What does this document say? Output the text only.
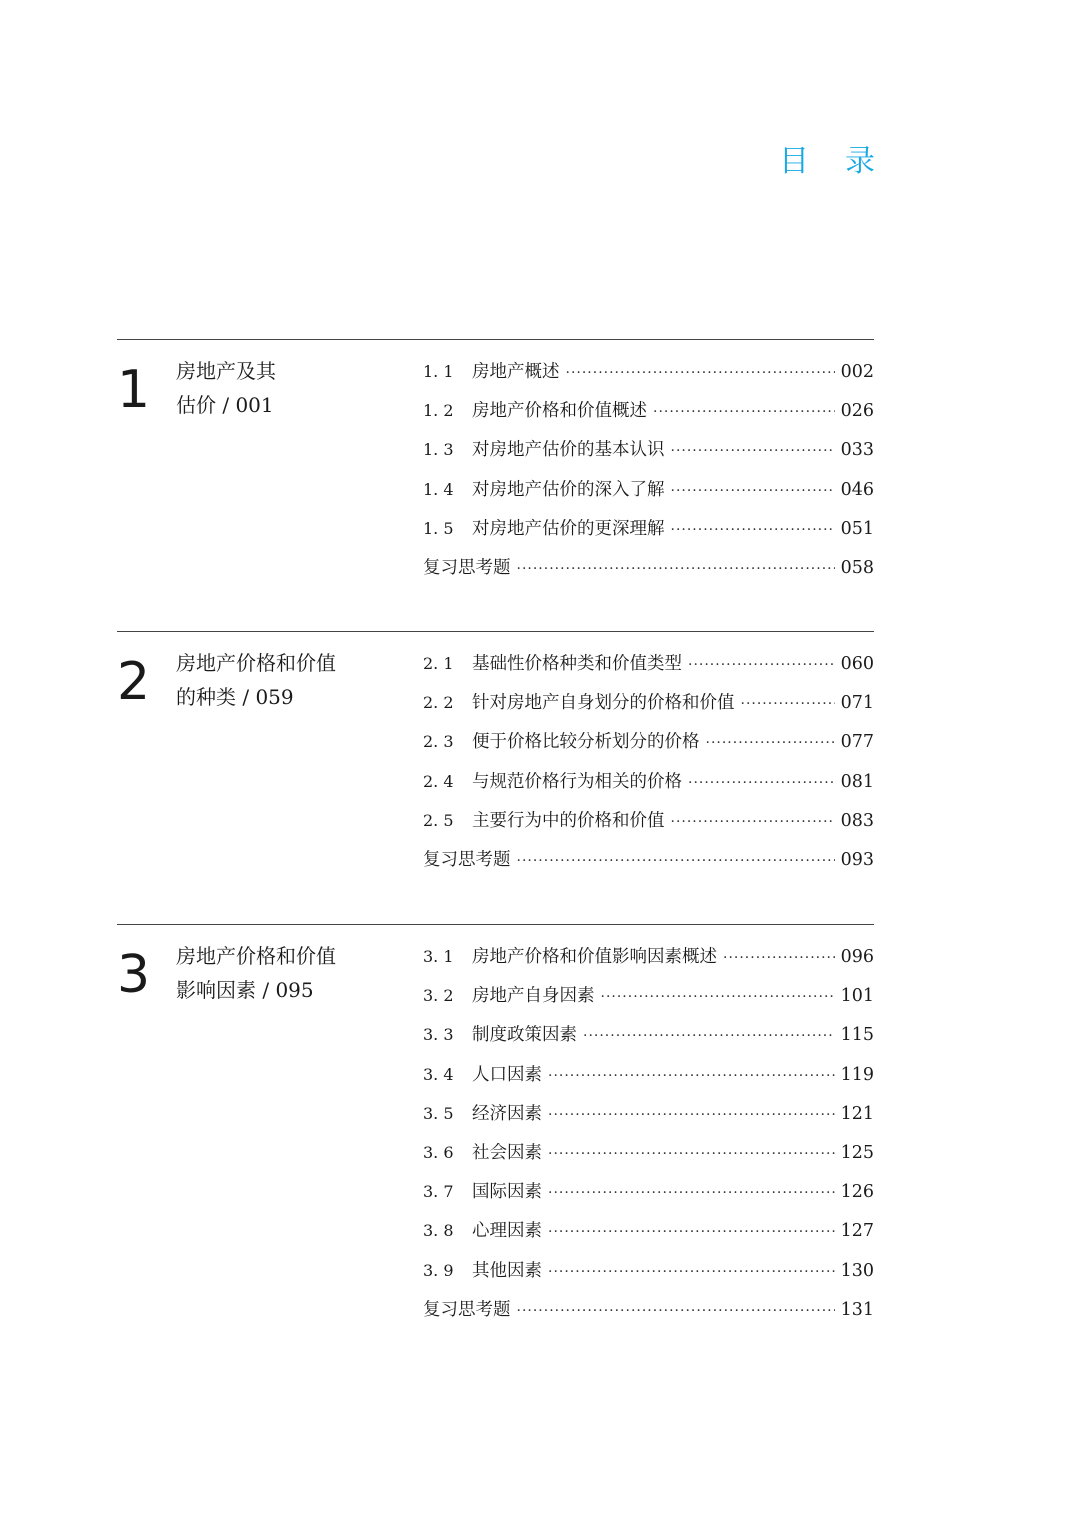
目录
1 房地产及其
估价 / 001
1. 1	房地产概述 ·····	002
1. 2	房地产价格和价值概述 ·····	026
1. 3	对房地产估价的基本认识 ·····	033
1. 4	对房地产估价的深入了解 ·····	046
1. 5	对房地产估价的更深理解 ·····	051
复习思考题 ·····	058
2 房地产价格和价值
的种类 / 059
2. 1	基础性价格种类和价值类型 ·····	060
2. 2	针对房地产自身划分的价格和价值 ·····	071
2. 3	便于价格比较分析划分的价格 ·····	077
2. 4	与规范价格行为相关的价格 ·····	081
2. 5	主要行为中的价格和价值 ·····	083
复习思考题 ·····	093
3 房地产价格和价值
影响因素 / 095
3. 1	房地产价格和价值影响因素概述 ·····	096
3. 2	房地产自身因素 ·····	101
3. 3	制度政策因素 ·····	115
3. 4	人口因素 ·····	119
3. 5	经济因素 ·····	121
3. 6	社会因素 ·····	125
3. 7	国际因素 ·····	126
3. 8	心理因素 ·····	127
3. 9	其他因素 ·····	130
复习思考题 ·····	131
